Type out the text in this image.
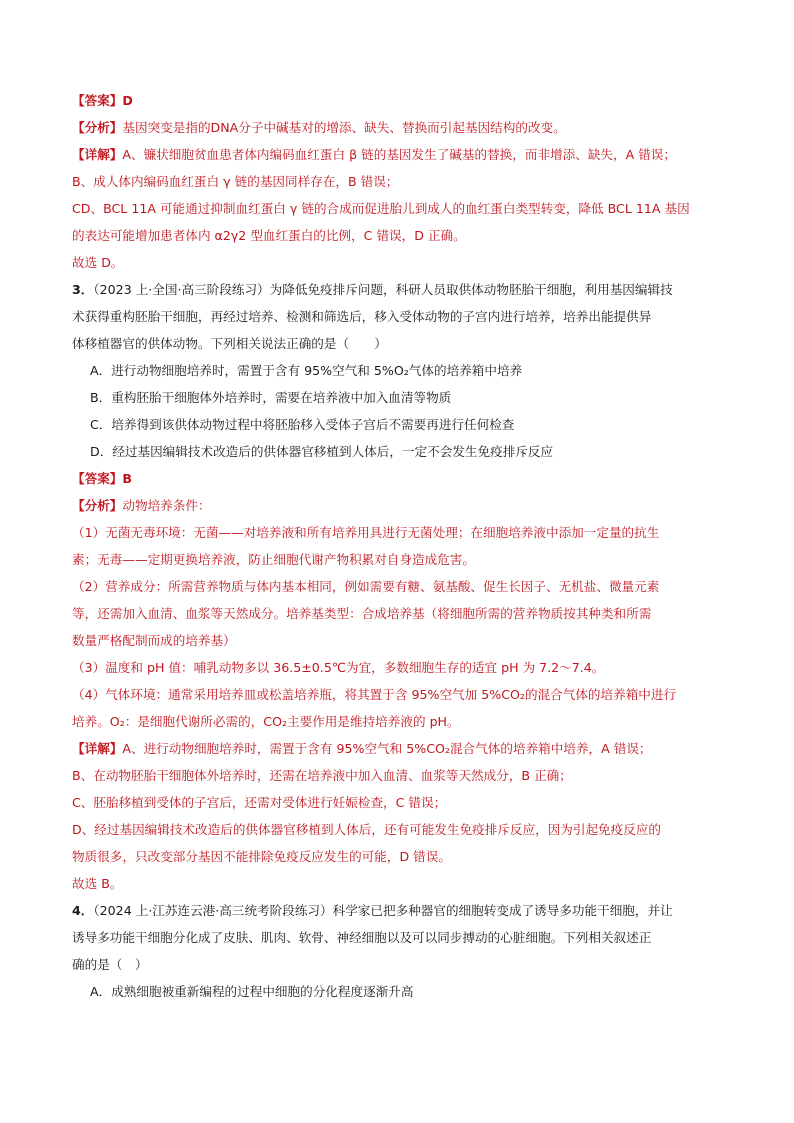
【答案】D
【分析】基因突变是指的DNA分子中碱基对的增添、缺失、替换而引起基因结构的改变。
【详解】A、镰状细胞贫血患者体内编码血红蛋白 β 链的基因发生了碱基的替换，而非增添、缺失，A 错误；
B、成人体内编码血红蛋白 γ 链的基因同样存在，B 错误；
CD、BCL 11A 可能通过抑制血红蛋白 γ 链的合成而促进胎儿到成人的血红蛋白类型转变，降低 BCL 11A 基因
的表达可能增加患者体内 α2γ2 型血红蛋白的比例，C 错误，D 正确。
故选 D。
3．（2023 上·全国·高三阶段练习）为降低免疫排斥问题，科研人员取供体动物胚胎干细胞，利用基因编辑技
术获得重构胚胎干细胞，再经过培养、检测和筛选后，移入受体动物的子宫内进行培养，培养出能提供异
体移植器官的供体动物。下列相关说法正确的是（　　）
A．进行动物细胞培养时，需置于含有 95%空气和 5%O₂气体的培养箱中培养
B．重构胚胎干细胞体外培养时，需要在培养液中加入血清等物质
C．培养得到该供体动物过程中将胚胎移入受体子宫后不需要再进行任何检查
D．经过基因编辑技术改造后的供体器官移植到人体后，一定不会发生免疫排斥反应
【答案】B
【分析】动物培养条件：
（1）无菌无毒环境：无菌——对培养液和所有培养用具进行无菌处理；在细胞培养液中添加一定量的抗生
素；无毒——定期更换培养液，防止细胞代谢产物积累对自身造成危害。
（2）营养成分：所需营养物质与体内基本相同，例如需要有糖、氨基酸、促生长因子、无机盐、微量元素
等，还需加入血清、血浆等天然成分。培养基类型：合成培养基（将细胞所需的营养物质按其种类和所需
数量严格配制而成的培养基）
（3）温度和 pH 值：哺乳动物多以 36.5±0.5℃为宜，多数细胞生存的适宜 pH 为 7.2～7.4。
（4）气体环境：通常采用培养皿或松盖培养瓶，将其置于含 95%空气加 5%CO₂的混合气体的培养箱中进行
培养。O₂：是细胞代谢所必需的，CO₂主要作用是维持培养液的 pH。
【详解】A、进行动物细胞培养时，需置于含有 95%空气和 5%CO₂混合气体的培养箱中培养，A 错误；
B、在动物胚胎干细胞体外培养时，还需在培养液中加入血清、血浆等天然成分，B 正确；
C、胚胎移植到受体的子宫后，还需对受体进行妊娠检查，C 错误；
D、经过基因编辑技术改造后的供体器官移植到人体后，还有可能发生免疫排斥反应，因为引起免疫反应的
物质很多，只改变部分基因不能排除免疫反应发生的可能，D 错误。
故选 B。
4．（2024 上·江苏连云港·高三统考阶段练习）科学家已把多种器官的细胞转变成了诱导多功能干细胞，并让
诱导多功能干细胞分化成了皮肤、肌肉、软骨、神经细胞以及可以同步搏动的心脏细胞。下列相关叙述正
确的是（　）
A．成熟细胞被重新编程的过程中细胞的分化程度逐渐升高
